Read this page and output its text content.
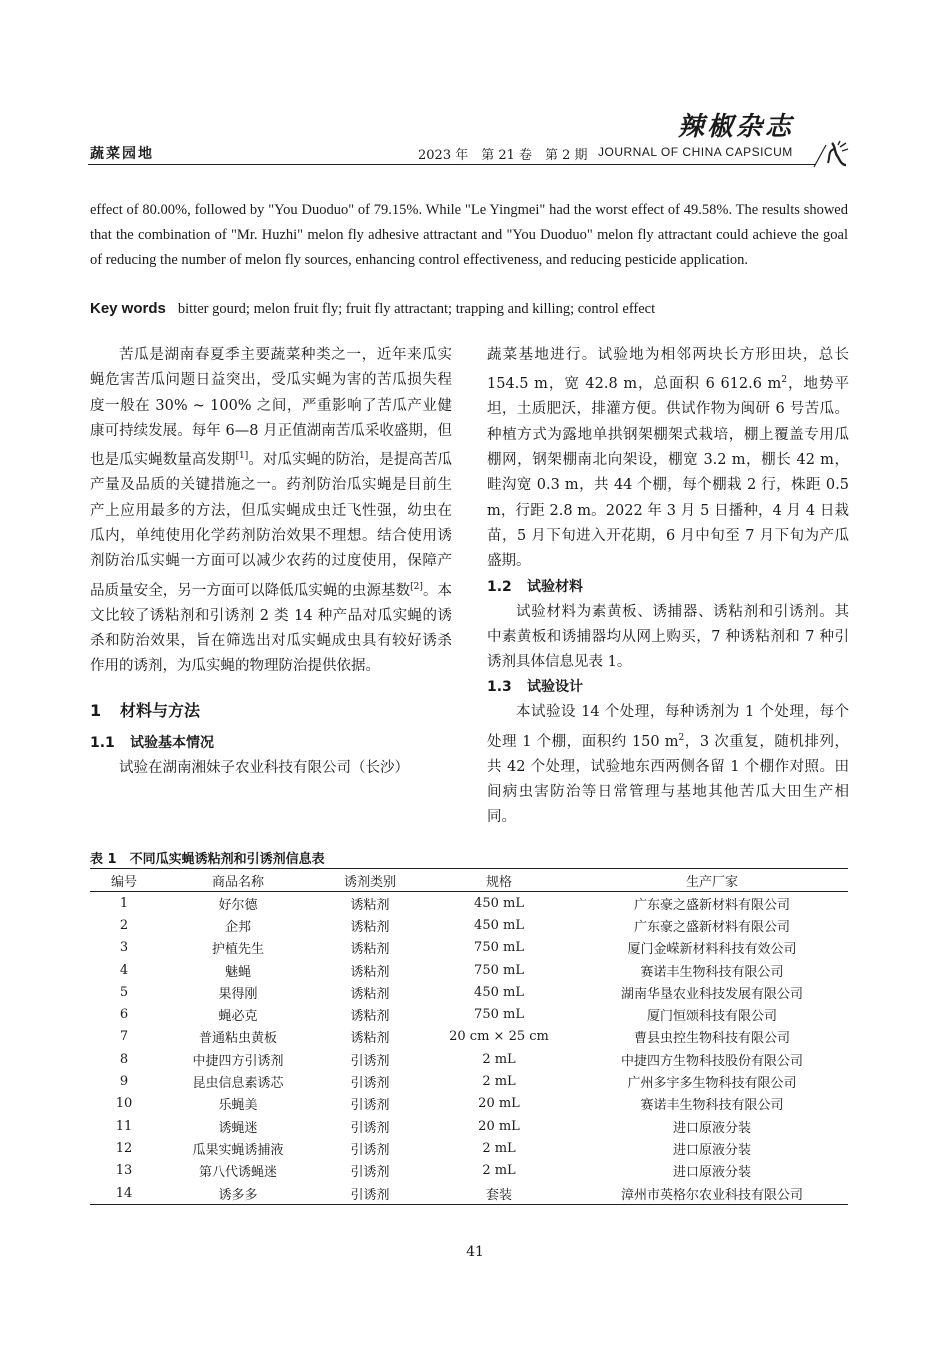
辣椒杂志
蔬菜园地	2023 年　第 21 卷　第 2 期 JOURNAL OF CHINA CAPSICUM
effect of 80.00%, followed by "You Duoduo" of 79.15%. While "Le Yingmei" had the worst effect of 49.58%. The results showed that the combination of "Mr. Huzhi" melon fly adhesive attractant and "You Duoduo" melon fly attractant could achieve the goal of reducing the number of melon fly sources, enhancing control effectiveness, and reducing pesticide application.
Key words bitter gourd; melon fruit fly; fruit fly attractant; trapping and killing; control effect

苦瓜是湖南春夏季主要蔬菜种类之一，近年来瓜实蝇危害苦瓜问题日益突出，受瓜实蝇为害的苦瓜损失程度一般在 30% ~ 100% 之间，严重影响了苦瓜产业健康可持续发展。每年 6—8 月正值湖南苦瓜采收盛期，但也是瓜实蝇数量高发期[1]。对瓜实蝇的防治，是提高苦瓜产量及品质的关键措施之一。药剂防治瓜实蝇是目前生产上应用最多的方法，但瓜实蝇成虫迁飞性强，幼虫在瓜内，单纯使用化学药剂防治效果不理想。结合使用诱剂防治瓜实蝇一方面可以减少农药的过度使用，保障产品质量安全，另一方面可以降低瓜实蝇的虫源基数[2]。本文比较了诱粘剂和引诱剂 2 类 14 种产品对瓜实蝇的诱杀和防治效果，旨在筛选出对瓜实蝇成虫具有较好诱杀作用的诱剂，为瓜实蝇的物理防治提供依据。

1 材料与方法
1.1 试验基本情况

试验在湖南湘妹子农业科技有限公司（长沙）

蔬菜基地进行。试验地为相邻两块长方形田块，总长 154.5 m，宽 42.8 m，总面积 6 612.6 $m^2$，地势平坦，土质肥沃，排灌方便。供试作物为闽研 6 号苦瓜。种植方式为露地单拱钢架棚架式栽培，棚上覆盖专用瓜棚网，钢架棚南北向架设，棚宽 3.2 m，棚长 42 m，畦沟宽 0.3 m，共 44 个棚，每个棚栽 2 行，株距 0.5 m，行距 2.8 m。2022 年 3 月 5 日播种，4 月 4 日栽苗，5 月下旬进入开花期，6 月中旬至 7 月下旬为产瓜盛期。

1.2 试验材料

试验材料为素黄板、诱捕器、诱粘剂和引诱剂。其中素黄板和诱捕器均从网上购买，7 种诱粘剂和 7 种引诱剂具体信息见表 1。

1.3 试验设计

本试验设 14 个处理，每种诱剂为 1 个处理，每个处理 1 个棚，面积约 150 $m^2$，3 次重复，随机排列，共 42 个处理，试验地东西两侧各留 1 个棚作对照。田间病虫害防治等日常管理与基地其他苦瓜大田生产相同。

表 1　不同瓜实蝇诱粘剂和引诱剂信息表
编号	商品名称	诱剂类别	规格	生产厂家
1	好尔德	诱粘剂	450 mL	广东豪之盛新材料有限公司
2	企邦	诱粘剂	450 mL	广东豪之盛新材料有限公司
3	护植先生	诱粘剂	750 mL	厦门金嵘新材料科技有效公司
4	魅蝇	诱粘剂	750 mL	赛诺丰生物科技有限公司
5	果得刚	诱粘剂	450 mL	湖南华垦农业科技发展有限公司
6	蝇必克	诱粘剂	750 mL	厦门恒颂科技有限公司
7	普通粘虫黄板	诱粘剂	20 cm × 25 cm	曹县虫控生物科技有限公司
8	中捷四方引诱剂	引诱剂	2 mL	中捷四方生物科技股份有限公司
9	昆虫信息素诱芯	引诱剂	2 mL	广州多宇多生物科技有限公司
10	乐蝇美	引诱剂	20 mL	赛诺丰生物科技有限公司
11	诱蝇迷	引诱剂	20 mL	进口原液分装
12	瓜果实蝇诱捕液	引诱剂	2 mL	进口原液分装
13	第八代诱蝇迷	引诱剂	2 mL	进口原液分装
14	诱多多	引诱剂	套装	漳州市英格尔农业科技有限公司
41
